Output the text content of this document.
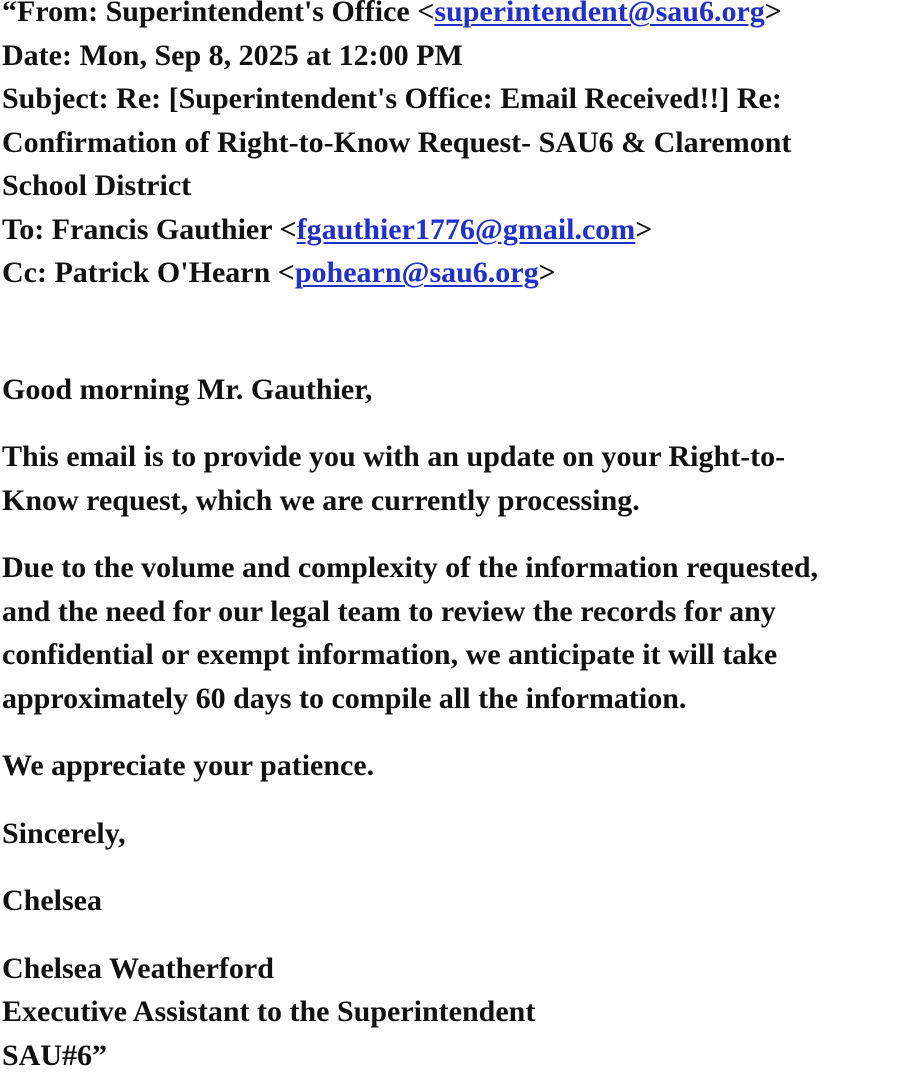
“From: Superintendent's Office <superintendent@sau6.org>
Date: Mon, Sep 8, 2025 at 12:00 PM
Subject: Re: [Superintendent's Office: Email Received!!] Re:
Confirmation of Right-to-Know Request- SAU6 & Claremont
School District
To: Francis Gauthier <fgauthier1776@gmail.com>
Cc: Patrick O'Hearn <pohearn@sau6.org>
Good morning Mr. Gauthier,
This email is to provide you with an update on your Right-to-
Know request, which we are currently processing.
Due to the volume and complexity of the information requested,
and the need for our legal team to review the records for any
confidential or exempt information, we anticipate it will take
approximately 60 days to compile all the information.
We appreciate your patience.
Sincerely,
Chelsea
Chelsea Weatherford
Executive Assistant to the Superintendent
SAU#6”
